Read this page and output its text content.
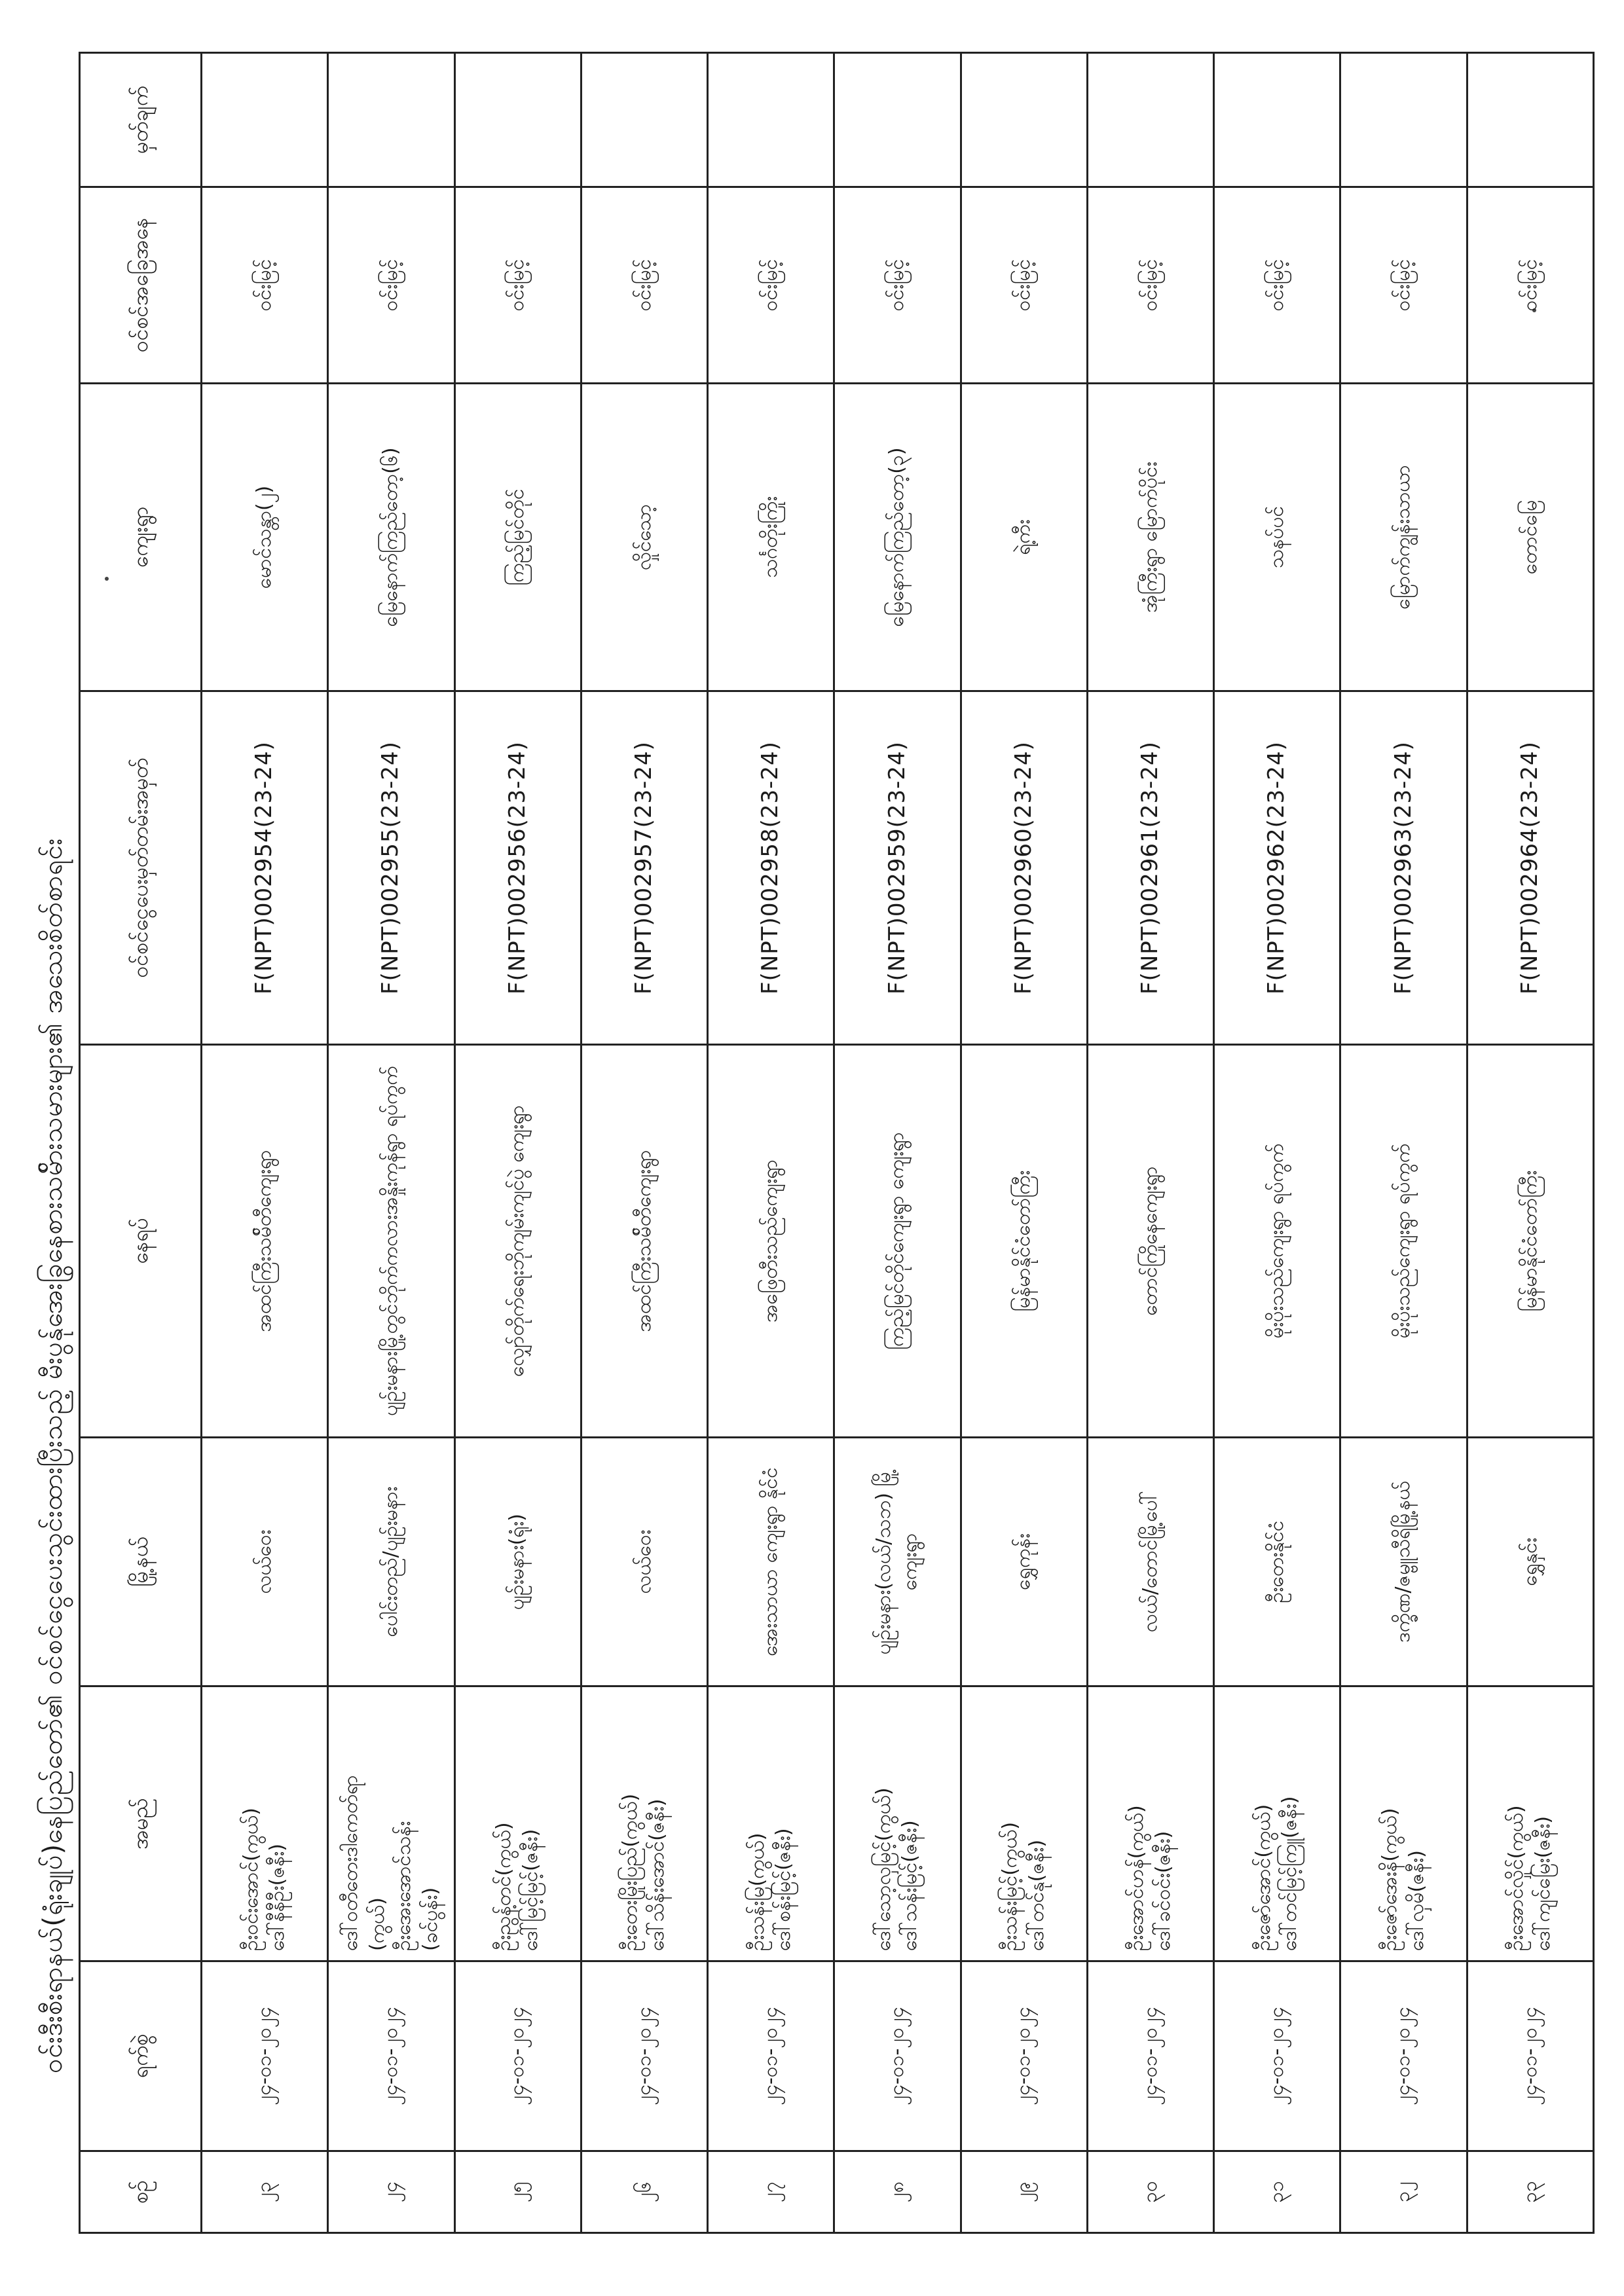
ဝင်းဒီးစီးရာနယ်(ရုံးချုပ်)နေပြည်တော်၏ ဝင်စင်ငွေပေးသွင်းထားပြီးသည့် မီးပွန်ုအေးခြွနေစားသမ်ိားသမားများ၏ အသေးစိတ်စာရင်း
စဉ်	ရက်စွဲ	အမည်	မြို့နယ်	နေရပ်	ဝင်စင်ငွေပေးမှတ်တမ်းအမှတ်	ကျေးရွာ	ဝင်စင်အခြေအနေ	မှတ်ချက်
၂၃	၂၄-၀၁-၂၀၂၄	ဦးဝင်းအောင်(ကွယ်) ဒေါ်နီနီဦး(ဇနီး)	လယ်ဝေး	အထင်ကြီးသမ်ိတီကျေးရွာ	F(NPT)002954(23-24)	မောင်သန္တာ(၂)	ဝင်းမြင့်	
၂၄	၂၄-၀၁-၂၀၂၄	ဒေါ်ဝတီတေးဒါကေတ်ရာ (ကွယ်) ဦးအေးအောင်သန်း (ခင်ပွန်း)	ပေါင်းတည်/ပျဉ်းမနား	ပျဉ်းမနားမြို့တွင်ဘိုက်ကလားအနှိုးကုန်ရွာ ရပ်ကွက်	F(NPT)002955(23-24)	မြေနောက်ကြည်တော့(၆)	ဝင်းမြင့်	
၂၅	၂၄-၀၁-၂၀၂၄	ဦးညွန့်တင်(ကွယ်) ဒေါ်မြင့်မြင့်(ဇနီး)	ပျဉ်းမနား(ရုံး)	လျှော်တိုက်ရေးဘိုကျမ်းကျင်ပွဲ ကျေးရွာ	F(NPT)002956(23-24)	ကြည့်မြင်တိုင်	ဝင်းမြင့်	
၂၆	၂၄-၀၁-၂၀၂၄	ဦးတေးမြိုးပြည်(ကွယ်) ဒေါ်သိန်းအောင်(ဇနီး)	လယ်ဝေး	အထင်ကြီးသမ်ိတီကျေးရွာ	F(NPT)002957(23-24)	လှိုင်သော့	ဝင်းမြင့်	
၂၇	၂၄-၀၁-၂၀၂၄	ဦးသန်းမြ(ကွယ်) ဒေါ်စန်းမြင့်(ဇနီး)	အေးသာယာ ကျေးရွာ နိုင်ငံ	အဖြေတီးသည်ကျေးရွာ	F(NPT)002958(23-24)	သင်္ဂတိုးကြိုး	ဝင်းမြင့်	
၂၈	၂၄-၀၁-၂၀၂၄	ဒေါ်သော့လှမြင့်(ကွယ်) ဒေါ်သန်းမြင့်(ဇနီး)	ပျဉ်းမနား(လယ်/သဘ) မြို့ကျေးရွာ	ကြည့်မြင်တိုင်ကျေးရွာ ကျေးရွာ	F(NPT)002959(23-24)	မြေနောက်ကြည်တော့(၃)	ဝင်းမြင့်	
၂၉	၂၄-၀၁-၂၀၂၄	ဦးသန်းမြင့်(ကွယ်) ဒေါ်တင်နု(ဇနီး)	ရွှေကုန်း	မြန်မာနိုင်ငံတော်ကြီး	F(NPT)002960(23-24)	ရဲ့ကီး	ဝင်းမြင့်	
၃၀	၂၄-၀၁-၂၀၂၄	ဦးအောင်ဟန်(ကွယ်) ဒေါ်ခင်ဝင်း(ဇနီး)	လယ်/တောင်မြို့ပေါ်	တောင်ကြိုနေကျေးရွာ	F(NPT)002961(23-24)	အုံကြီးရွာ မြောက်ပိုင်း	ဝင်းမြင့်	
၃၁	၂၄-၀၁-၂၀၂၄	ဦးဇော်အောင်(ကွယ်) ဒေါ်တင်မြင့်ကြူ(ဇနီး)	ဦးတေးနိုင်ငံ	မိုးပိုးသည်ကျေးရွာ ရပ်ကွက်	F(NPT)002962(23-24)	သနပ်ပင်	ဝင်းမြင့်	
၃၂	၂၄-၀၁-၂၀၂၄	ဦးဇော်အေးနိ(ကွယ်) ဒေါ်လှမိ(ဇနီး)	ဒက္ခိဏ/ဇမ္ဗူသီရိမြို့နယ်	မိုးပိုးသည်ကျေးရွာ ရပ်ကွက်	F(NPT)002963(23-24)	မြောက်ကျွန်းသာယာ	ဝင်းမြင့်	
၃၃	၂၄-၀၁-၂၀၂၄	ဦးအောင်လှိုင်(ကွယ်) ဒေါ်ကျင်မြေး(ဇနီး)	ရွှေနှင်း	မြန်မာနိုင်ငံတော်ကြီး	F(NPT)002964(23-24)	တောင်မြေ	ဝင်းမြင့်	
